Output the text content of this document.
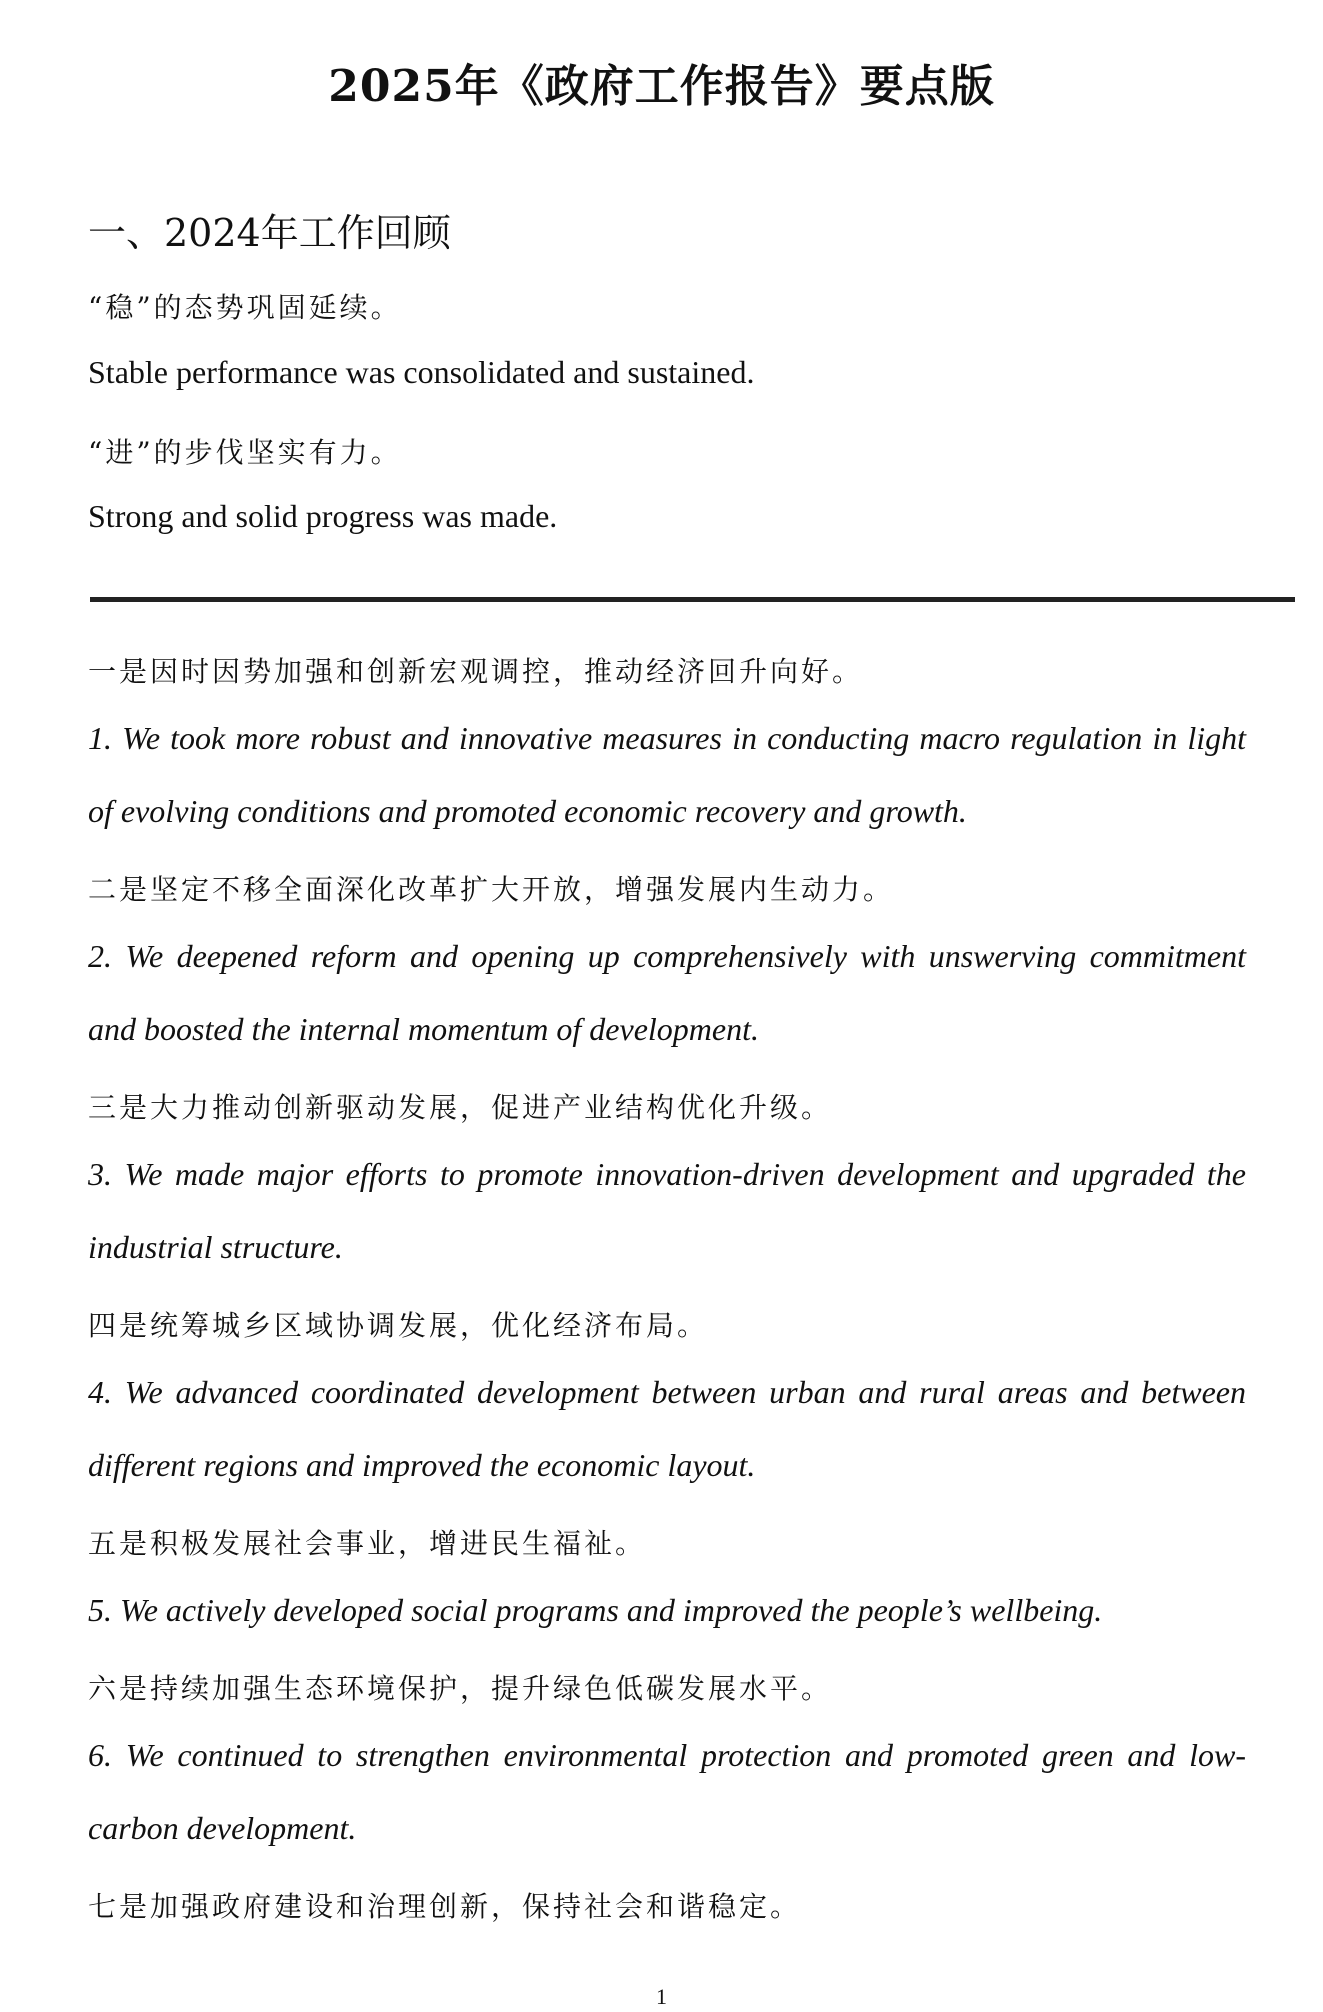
2025年《政府工作报告》要点版
一、2024年工作回顾
“稳”的态势巩固延续。
Stable performance was consolidated and sustained.
“进”的步伐坚实有力。
Strong and solid progress was made.
一是因时因势加强和创新宏观调控，推动经济回升向好。
1. We took more robust and innovative measures in conducting macro regulation in light of evolving conditions and promoted economic recovery and growth.
二是坚定不移全面深化改革扩大开放，增强发展内生动力。
2. We deepened reform and opening up comprehensively with unswerving commitment and boosted the internal momentum of development.
三是大力推动创新驱动发展，促进产业结构优化升级。
3. We made major efforts to promote innovation-driven development and upgraded the industrial structure.
四是统筹城乡区域协调发展，优化经济布局。
4. We advanced coordinated development between urban and rural areas and between different regions and improved the economic layout.
五是积极发展社会事业，增进民生福祉。
5. We actively developed social programs and improved the people’s wellbeing.
六是持续加强生态环境保护，提升绿色低碳发展水平。
6. We continued to strengthen environmental protection and promoted green and low-carbon development.
七是加强政府建设和治理创新，保持社会和谐稳定。
1
